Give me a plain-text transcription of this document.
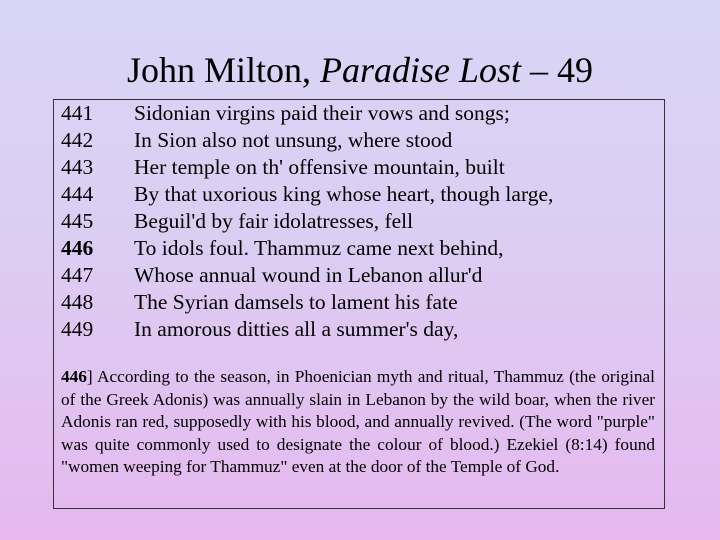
John Milton, Paradise Lost – 49
441 Sidonian virgins paid their vows and songs;
442 In Sion also not unsung, where stood
443 Her temple on th' offensive mountain, built
444 By that uxorious king whose heart, though large,
445 Beguil'd by fair idolatresses, fell
446 To idols foul. Thammuz came next behind,
447 Whose annual wound in Lebanon allur'd
448 The Syrian damsels to lament his fate
449 In amorous ditties all a summer's day,
446] According to the season, in Phoenician myth and ritual, Thammuz (the original of the Greek Adonis) was annually slain in Lebanon by the wild boar, when the river Adonis ran red, supposedly with his blood, and annually revived. (The word "purple" was quite commonly used to designate the colour of blood.) Ezekiel (8:14) found "women weeping for Thammuz" even at the door of the Temple of God.
